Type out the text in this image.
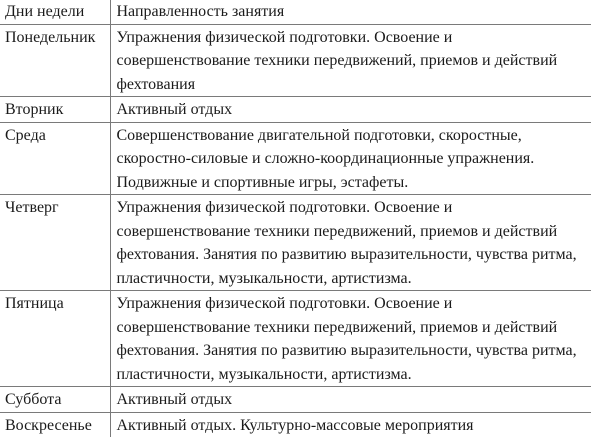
Дни недели	Направленность занятия
Понедельник	Упражнения физической подготовки. Освоение и совершенствование техники передвижений, приемов и действий фехтования
Вторник	Активный отдых
Среда	Совершенствование двигательной подготовки, скоростные, скоростно-силовые и сложно-координационные упражнения. Подвижные и спортивные игры, эстафеты.
Четверг	Упражнения физической подготовки. Освоение и совершенствование техники передвижений, приемов и действий фехтования. Занятия по развитию выразительности, чувства ритма, пластичности, музыкальности, артистизма.
Пятница	Упражнения физической подготовки. Освоение и совершенствование техники передвижений, приемов и действий фехтования. Занятия по развитию выразительности, чувства ритма, пластичности, музыкальности, артистизма.
Суббота	Активный отдых
Воскресенье	Активный отдых. Культурно-массовые мероприятия
